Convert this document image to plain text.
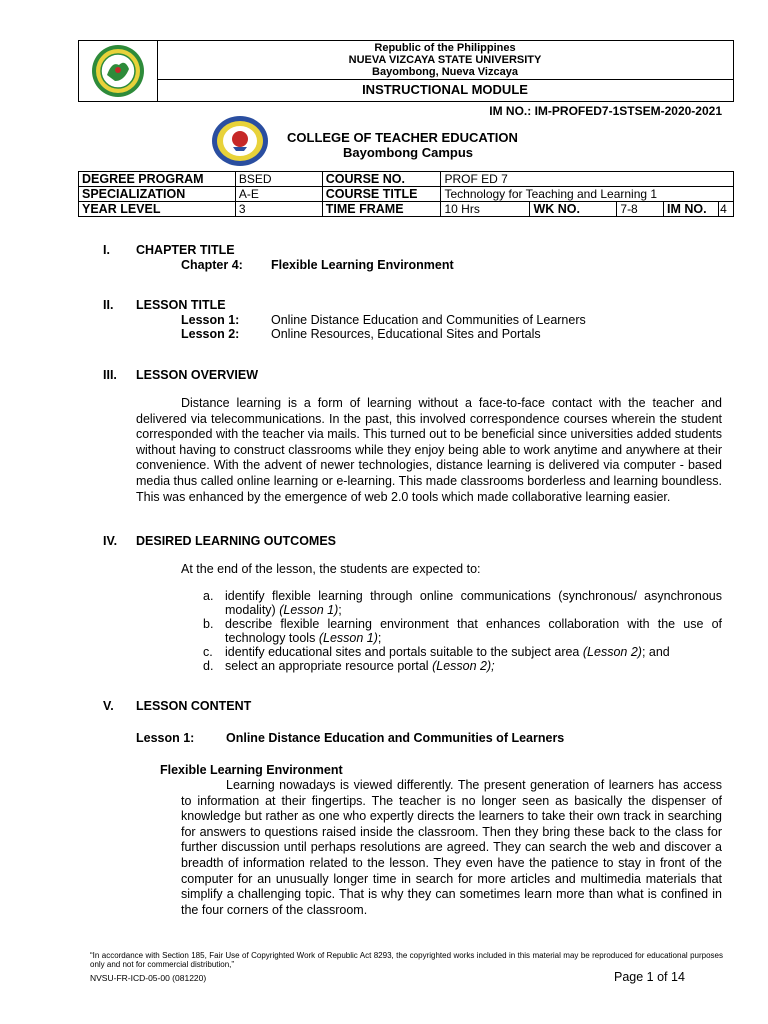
Republic of the Philippines
NUEVA VIZCAYA STATE UNIVERSITY
Bayombong, Nueva Vizcaya
INSTRUCTIONAL MODULE
IM NO.: IM-PROFED7-1STSEM-2020-2021
COLLEGE OF TEACHER EDUCATION
Bayombong Campus
DEGREE PROGRAM	BSED	COURSE NO.	PROF ED 7				
SPECIALIZATION	A-E	COURSE TITLE	Technology for Teaching and Learning 1				
YEAR LEVEL	3	TIME FRAME	10 Hrs	WK NO.	7-8	IM NO.	4
I.	CHAPTER TITLE
Chapter 4: Flexible Learning Environment
II.	LESSON TITLE
Lesson 1:	Online Distance Education and Communities of Learners
Lesson 2:	Online Resources, Educational Sites and Portals
III.	LESSON OVERVIEW
Distance learning is a form of learning without a face-to-face contact with the teacher and delivered via telecommunications. In the past, this involved correspondence courses wherein the student corresponded with the teacher via mails. This turned out to be beneficial since universities added students without having to construct classrooms while they enjoy being able to work anytime and anywhere at their convenience. With the advent of newer technologies, distance learning is delivered via computer - based media thus called online learning or e-learning. This made classrooms borderless and learning boundless. This was enhanced by the emergence of web 2.0 tools which made collaborative learning easier.
IV.	DESIRED LEARNING OUTCOMES
At the end of the lesson, the students are expected to:
a. identify flexible learning through online communications (synchronous/ asynchronous modality) (Lesson 1);
b. describe flexible learning environment that enhances collaboration with the use of technology tools (Lesson 1);
c. identify educational sites and portals suitable to the subject area (Lesson 2); and
d. select an appropriate resource portal (Lesson 2);
V.	LESSON CONTENT
Lesson 1:	Online Distance Education and Communities of Learners
Flexible Learning Environment
Learning nowadays is viewed differently. The present generation of learners has access to information at their fingertips. The teacher is no longer seen as basically the dispenser of knowledge but rather as one who expertly directs the learners to take their own track in searching for answers to questions raised inside the classroom. Then they bring these back to the class for further discussion until perhaps resolutions are agreed. They can search the web and discover a breadth of information related to the lesson. They even have the patience to stay in front of the computer for an unusually longer time in search for more articles and multimedia materials that simplify a challenging topic. That is why they can sometimes learn more than what is confined in the four corners of the classroom.
“In accordance with Section 185, Fair Use of Copyrighted Work of Republic Act 8293, the copyrighted works included in this material may be reproduced for educational purposes only and not for commercial distribution,”
NVSU-FR-ICD-05-00 (081220)	Page 1 of 14
